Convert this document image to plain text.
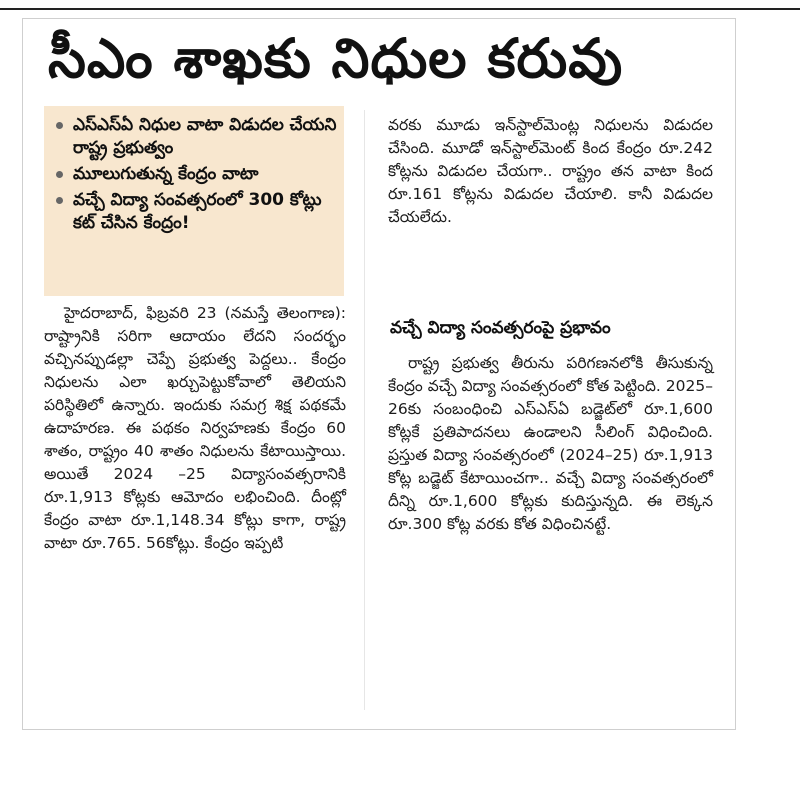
సీఎం శాఖకు నిధుల కరువు
ఎస్ఎస్ఏ నిధుల వాటా విడుదల చేయని రాష్ట్ర ప్రభుత్వం
మూలుగుతున్న కేంద్రం వాటా
వచ్చే విద్యా సంవత్సరంలో 300 కోట్లు కట్ చేసిన కేంద్రం!

హైదరాబాద్, ఫిబ్రవరి 23 (నమస్తే తెలంగాణ): రాష్ట్రానికి సరిగా ఆదాయం లేదని సందర్భం వచ్చినప్పుడల్లా చెప్పే ప్రభుత్వ పెద్దలు.. కేంద్రం నిధులను ఎలా ఖర్చుపెట్టుకోవాలో తెలియని పరిస్థితిలో ఉన్నారు. ఇందుకు సమగ్ర శిక్ష పథకమే ఉదాహరణ. ఈ పథకం నిర్వహణకు కేంద్రం 60 శాతం, రాష్ట్రం 40 శాతం నిధులను కేటాయిస్తాయి. అయితే 2024 –25 విద్యాసంవత్సరానికి రూ.1,913 కోట్లకు ఆమోదం లభించింది. దీంట్లో కేంద్రం వాటా రూ.1,148.34 కోట్లు కాగా, రాష్ట్ర వాటా రూ.765. 56కోట్లు. కేంద్రం ఇప్పటి

వరకు మూడు ఇన్‌స్టాల్‌మెంట్ల నిధులను విడుదల చేసింది. మూడో ఇన్‌స్టాల్‌మెంట్ కింద కేంద్రం రూ.242 కోట్లను విడుదల చేయగా.. రాష్ట్రం తన వాటా కింద రూ.161 కోట్లను విడుదల చేయాలి. కానీ విడుదల చేయలేదు.

వచ్చే విద్యా సంవత్సరంపై ప్రభావం

రాష్ట్ర ప్రభుత్వ తీరును పరిగణనలోకి తీసుకున్న కేంద్రం వచ్చే విద్యా సంవత్సరంలో కోత పెట్టింది. 2025–26కు సంబంధించి ఎస్ఎస్ఏ బడ్జెట్‌లో రూ.1,600 కోట్లకే ప్రతిపాదనలు ఉండాలని సీలింగ్ విధించింది. ప్రస్తుత విద్యా సంవత్సరంలో (2024–25) రూ.1,913 కోట్ల బడ్జెట్ కేటాయించగా.. వచ్చే విద్యా సంవత్సరంలో దీన్ని రూ.1,600 కోట్లకు కుదిస్తున్నది. ఈ లెక్కన రూ.300 కోట్ల వరకు కోత విధించినట్టే.
